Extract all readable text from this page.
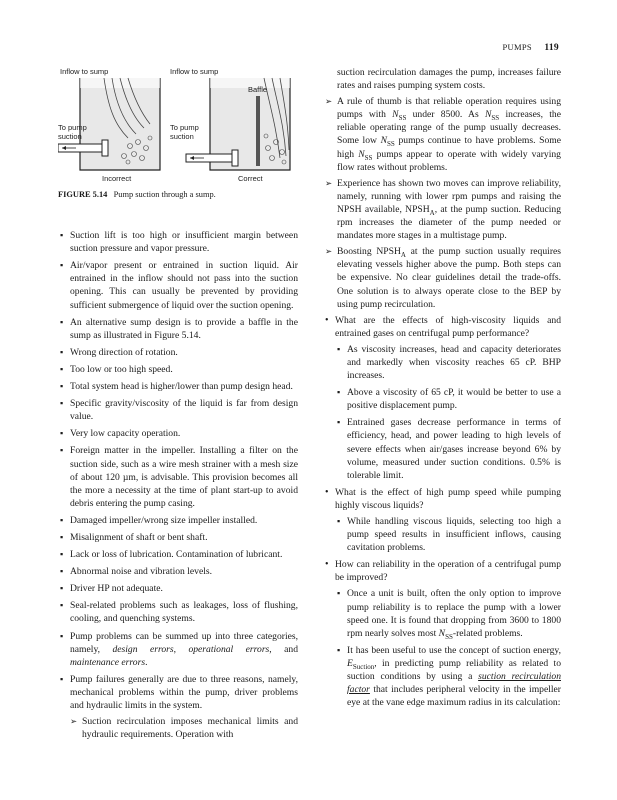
PUMPS 119
Inflow to sump	Inflow to sump
To pump suction
To pump suction
Baffle
Incorrect	Correct
FIGURE 5.14 Pump suction through a sump.
▪ Suction lift is too high or insufficient margin between suction pressure and vapor pressure.
▪ Air/vapor present or entrained in suction liquid. Air entrained in the inflow should not pass into the suction opening. This can usually be prevented by providing sufficient submergence of liquid over the suction opening.
▪ An alternative sump design is to provide a baffle in the sump as illustrated in Figure 5.14.
▪ Wrong direction of rotation.
▪ Too low or too high speed.
▪ Total system head is higher/lower than pump design head.
▪ Specific gravity/viscosity of the liquid is far from design value.
▪ Very low capacity operation.
▪ Foreign matter in the impeller. Installing a filter on the suction side, such as a wire mesh strainer with a mesh size of about 120 µm, is advisable. This provision becomes all the more a necessity at the time of plant start-up to avoid debris entering the pump casing.
▪ Damaged impeller/wrong size impeller installed.
▪ Misalignment of shaft or bent shaft.
▪ Lack or loss of lubrication. Contamination of lubricant.
▪ Abnormal noise and vibration levels.
▪ Driver HP not adequate.
▪ Seal-related problems such as leakages, loss of flushing, cooling, and quenching systems.
▪ Pump problems can be summed up into three categories, namely, design errors, operational errors, and maintenance errors.
▪ Pump failures generally are due to three reasons, namely, mechanical problems within the pump, driver problems and hydraulic limits in the system.
➢ Suction recirculation imposes mechanical limits and hydraulic requirements. Operation with
suction recirculation damages the pump, increases failure rates and raises pumping system costs.
➢ A rule of thumb is that reliable operation requires using pumps with $N_{SS}$ under 8500. As $N_{SS}$ increases, the reliable operating range of the pump usually decreases. Some low $N_{SS}$ pumps continue to have problems. Some high $N_{SS}$ pumps appear to operate with widely varying flow rates without problems.
➢ Experience has shown two moves can improve reliability, namely, running with lower rpm pumps and raising the NPSH available, $NPSH_A$, at the pump suction. Reducing rpm increases the diameter of the pump needed or mandates more stages in a multistage pump.
➢ Boosting $NPSH_A$ at the pump suction usually requires elevating vessels higher above the pump. Both steps can be expensive. No clear guidelines detail the trade-offs. One solution is to always operate close to the BEP by using pump recirculation.
• What are the effects of high-viscosity liquids and entrained gases on centrifugal pump performance?
▪ As viscosity increases, head and capacity deteriorates and markedly when viscosity reaches 65 cP. BHP increases.
▪ Above a viscosity of 65 cP, it would be better to use a positive displacement pump.
▪ Entrained gases decrease performance in terms of efficiency, head, and power leading to high levels of severe effects when air/gases increase beyond 6% by volume, measured under suction conditions. 0.5% is tolerable limit.
• What is the effect of high pump speed while pumping highly viscous liquids?
▪ While handling viscous liquids, selecting too high a pump speed results in insufficient inflows, causing cavitation problems.
• How can reliability in the operation of a centrifugal pump be improved?
▪ Once a unit is built, often the only option to improve pump reliability is to replace the pump with a lower speed one. It is found that dropping from 3600 to 1800 rpm nearly solves most $N_{SS}$-related problems.
▪ It has been useful to use the concept of suction energy, $E_{Suction}$, in predicting pump reliability as related to suction conditions by using a suction recirculation factor that includes peripheral velocity in the impeller eye at the vane edge maximum radius in its calculation:
